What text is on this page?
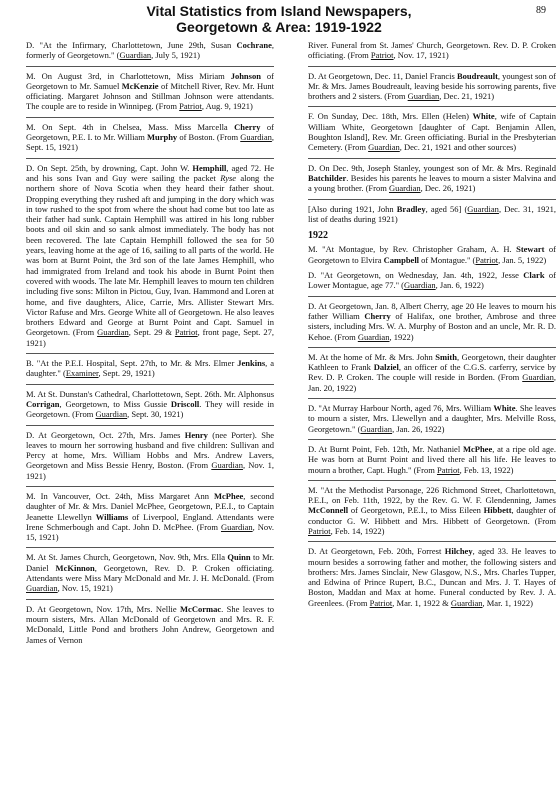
89

Vital Statistics from Island Newspapers,

Georgetown & Area: 1919-1922

D. "At the Infirmary, Charlottetown, June 29th, Susan Cochrane, formerly of Georgetown." (Guardian, July 5, 1921)
M. On August 3rd, in Charlottetown, Miss Miriam Johnson of Georgetown to Mr. Samuel McKenzie of Mitchell River, Rev. Mr. Hunt officiating. Margaret Johnson and Stillman Johnson were attendants. The couple are to reside in Winnipeg. (From Patriot, Aug. 9, 1921)
M. On Sept. 4th in Chelsea, Mass. Miss Marcella Cherry of Georgetown, P.E. I. to Mr. William Murphy of Boston. (From Guardian, Sept. 15, 1921)
D. On Sept. 25th, by drowning, Capt. John W. Hemphill, aged 72. He and his sons Ivan and Guy were sailing the packet Ryse along the northern shore of Nova Scotia when they heard their father shout. Dropping everything they rushed aft and jumping in the dory which was in tow rushed to the spot from where the shout had come but too late as their father had sunk. Captain Hemphill was attired in his long rubber boots and oil skin and so sank almost immediately. The body has not been recovered. The late Captain Hemphill followed the sea for 50 years, leaving home at the age of 16, sailing to all parts of the world. He was born at Burnt Point, the 3rd son of the late James Hemphill, who had immigrated from Ireland and took his abode in Burnt Point then covered with woods. The late Mr. Hemphill leaves to mourn ten children including five sons: Milton in Pictou, Guy, Ivan. Hammond and Loren at home, and five daughters, Alice, Carrie, Mrs. Allister Stewart Mrs. Victor Rafuse and Mrs. George White all of Georgetown. He also leaves brothers Edward and George at Burnt Point and Capt. Samuel in Georgetown. (From Guardian, Sept. 29 & Patriot, front page, Sept. 27, 1921)
B. "At the P.E.I. Hospital, Sept. 27th, to Mr. & Mrs. Elmer Jenkins, a daughter." (Examiner, Sept. 29, 1921)
M. At St. Dunstan's Cathedral, Charlottetown, Sept. 26th. Mr. Alphonsus Corrigan, Georgetown, to Miss Gussie Driscoll. They will reside in Georgetown. (From Guardian, Sept. 30, 1921)
D. At Georgetown, Oct. 27th, Mrs. James Henry (nee Porter). She leaves to mourn her sorrowing husband and five children: Sullivan and Percy at home, Mrs. William Hobbs and Mrs. Andrew Lavers, Georgetown and Miss Bessie Henry, Boston. (From Guardian, Nov. 1, 1921)
M. In Vancouver, Oct. 24th, Miss Margaret Ann McPhee, second daughter of Mr. & Mrs. Daniel McPhee, Georgetown, P.E.I., to Captain Jeanette Llewellyn Williams of Liverpool, England. Attendants were Irene Schmerbough and Capt. John D. McPhee. (From Guardian, Nov. 15, 1921)
M. At St. James Church, Georgetown, Nov. 9th, Mrs. Ella Quinn to Mr. Daniel McKinnon, Georgetown, Rev. D. P. Croken officiating. Attendants were Miss Mary McDonald and Mr. J. H. McDonald. (From Guardian, Nov. 15, 1921)
D. At Georgetown, Nov. 17th, Mrs. Nellie McCormac. She leaves to mourn sisters, Mrs. Allan McDonald of Georgetown and Mrs. R. F. McDonald, Little Pond and brothers John Andrew, Georgetown and James of Vernon
River. Funeral from St. James' Church, Georgetown. Rev. D. P. Croken officiating. (From Patriot, Nov. 17, 1921)
D. At Georgetown, Dec. 11, Daniel Francis Boudreault, youngest son of Mr. & Mrs. James Boudreault, leaving beside his sorrowing parents, five brothers and 2 sisters. (From Guardian, Dec. 21, 1921)
F. On Sunday, Dec. 18th, Mrs. Ellen (Helen) White, wife of Captain William White, Georgetown [daughter of Capt. Benjamin Allen, Boughton Island], Rev. Mr. Green officiating. Burial in the Presbyterian Cemetery. (From Guardian, Dec. 21, 1921 and other sources)
D. On Dec. 9th, Joseph Stanley, youngest son of Mr. & Mrs. Reginald Batchilder. Besides his parents he leaves to mourn a sister Malvina and a young brother. (From Guardian, Dec. 26, 1921)
[Also during 1921, John Bradley, aged 56] (Guardian, Dec. 31, 1921, list of deaths during 1921)
1922
M. "At Montague, by Rev. Christopher Graham, A. H. Stewart of Georgetown to Elvira Campbell of Montague." (Patriot, Jan. 5, 1922)
D. "At Georgetown, on Wednesday, Jan. 4th, 1922, Jesse Clark of Lower Montague, age 77." (Guardian, Jan. 6, 1922)
D. At Georgetown, Jan. 8, Albert Cherry, age 20 He leaves to mourn his father William Cherry of Halifax, one brother, Ambrose and three sisters, including Mrs. W. A. Murphy of Boston and an uncle, Mr. R. D. Kehoe. (From Guardian, 1922)
M. At the home of Mr. & Mrs. John Smith, Georgetown, their daughter Kathleen to Frank Dalziel, an officer of the C.G.S. carferry, service by Rev. D. P. Croken. The couple will reside in Borden. (From Guardian, Jan. 20, 1922)
D. "At Murray Harbour North, aged 76, Mrs. William White. She leaves to mourn a sister, Mrs. Llewellyn and a daughter, Mrs. Melville Ross, Georgetown." (Guardian, Jan. 26, 1922)
D. At Burnt Point, Feb. 12th, Mr. Nathaniel McPhee, at a ripe old age. He was born at Burnt Point and lived there all his life. He leaves to mourn a brother, Capt. Hugh." (From Patriot, Feb. 13, 1922)
M. "At the Methodist Parsonage, 226 Richmond Street, Charlottetown, P.E.I., on Feb. 11th, 1922, by the Rev. G. W. F. Glendenning, James McConnell of Georgetown, P.E.I., to Miss Eileen Hibbett, daughter of conductor G. W. Hibbett and Mrs. Hibbett of Georgetown. (From Patriot, Feb. 14, 1922)
D. At Georgetown, Feb. 20th, Forrest Hilchey, aged 33. He leaves to mourn besides a sorrowing father and mother, the following sisters and brothers: Mrs. James Sinclair, New Glasgow, N.S., Mrs. Charles Tupper, and Edwina of Prince Rupert, B.C., Duncan and Mrs. J. T. Hayes of Boston, Maddan and Max at home. Funeral conducted by Rev. J. A. Greenlees. (From Patriot, Mar. 1, 1922 & Guardian, Mar. 1, 1922)
